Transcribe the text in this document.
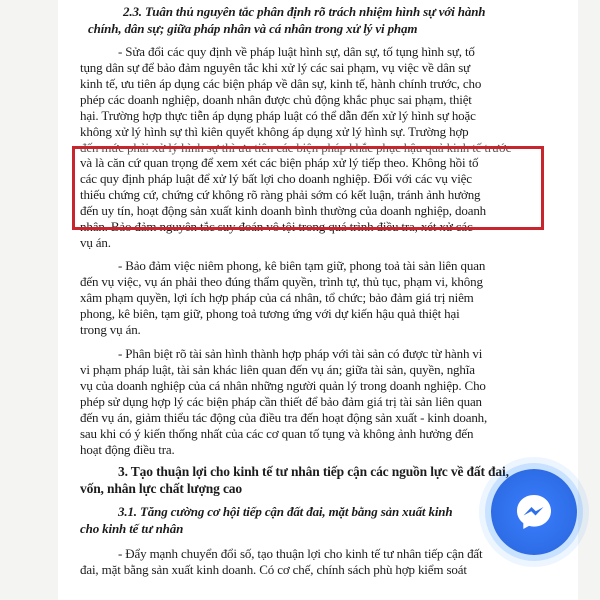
2.3. Tuân thủ nguyên tắc phân định rõ trách nhiệm hình sự với hành
chính, dân sự; giữa pháp nhân và cá nhân trong xử lý vi phạm
- Sửa đổi các quy định về pháp luật hình sự, dân sự, tố tụng hình sự, tố
tụng dân sự để bảo đảm nguyên tắc khi xử lý các sai phạm, vụ việc về dân sự
kinh tế, ưu tiên áp dụng các biện pháp về dân sự, kinh tế, hành chính trước, cho
phép các doanh nghiệp, doanh nhân được chủ động khắc phục sai phạm, thiệt
hại. Trường hợp thực tiễn áp dụng pháp luật có thể dẫn đến xử lý hình sự hoặc
không xử lý hình sự thì kiên quyết không áp dụng xử lý hình sự. Trường hợp
đến mức phải xử lý hình sự thì ưu tiên các biện pháp khắc phục hậu quả kinh tế trước
và là căn cứ quan trọng để xem xét các biện pháp xử lý tiếp theo. Không hồi tố
các quy định pháp luật để xử lý bất lợi cho doanh nghiệp. Đối với các vụ việc
thiếu chứng cứ, chứng cứ không rõ ràng phải sớm có kết luận, tránh ảnh hưởng
đến uy tín, hoạt động sản xuất kinh doanh bình thường của doanh nghiệp, doanh
nhân. Bảo đảm nguyên tắc suy đoán vô tội trong quá trình điều tra, xét xử các
vụ án.
- Bảo đảm việc niêm phong, kê biên tạm giữ, phong toả tài sản liên quan
đến vụ việc, vụ án phải theo đúng thẩm quyền, trình tự, thủ tục, phạm vi, không
xâm phạm quyền, lợi ích hợp pháp của cá nhân, tổ chức; bảo đảm giá trị niêm
phong, kê biên, tạm giữ, phong toả tương ứng với dự kiến hậu quả thiệt hại
trong vụ án.
- Phân biệt rõ tài sản hình thành hợp pháp với tài sản có được từ hành vi
vi phạm pháp luật, tài sản khác liên quan đến vụ án; giữa tài sản, quyền, nghĩa
vụ của doanh nghiệp của cá nhân những người quản lý trong doanh nghiệp. Cho
phép sử dụng hợp lý các biện pháp cần thiết để bảo đảm giá trị tài sản liên quan
đến vụ án, giảm thiểu tác động của điều tra đến hoạt động sản xuất - kinh doanh,
sau khi có ý kiến thống nhất của các cơ quan tố tụng và không ảnh hưởng đến
hoạt động điều tra.
3. Tạo thuận lợi cho kinh tế tư nhân tiếp cận các nguồn lực về đất đai,
vốn, nhân lực chất lượng cao
3.1. Tăng cường cơ hội tiếp cận đất đai, mặt bằng sản xuất kinh
cho kinh tế tư nhân
- Đẩy mạnh chuyển đổi số, tạo thuận lợi cho kinh tế tư nhân tiếp cận đất
đai, mặt bằng sản xuất kinh doanh. Có cơ chế, chính sách phù hợp kiểm soát
